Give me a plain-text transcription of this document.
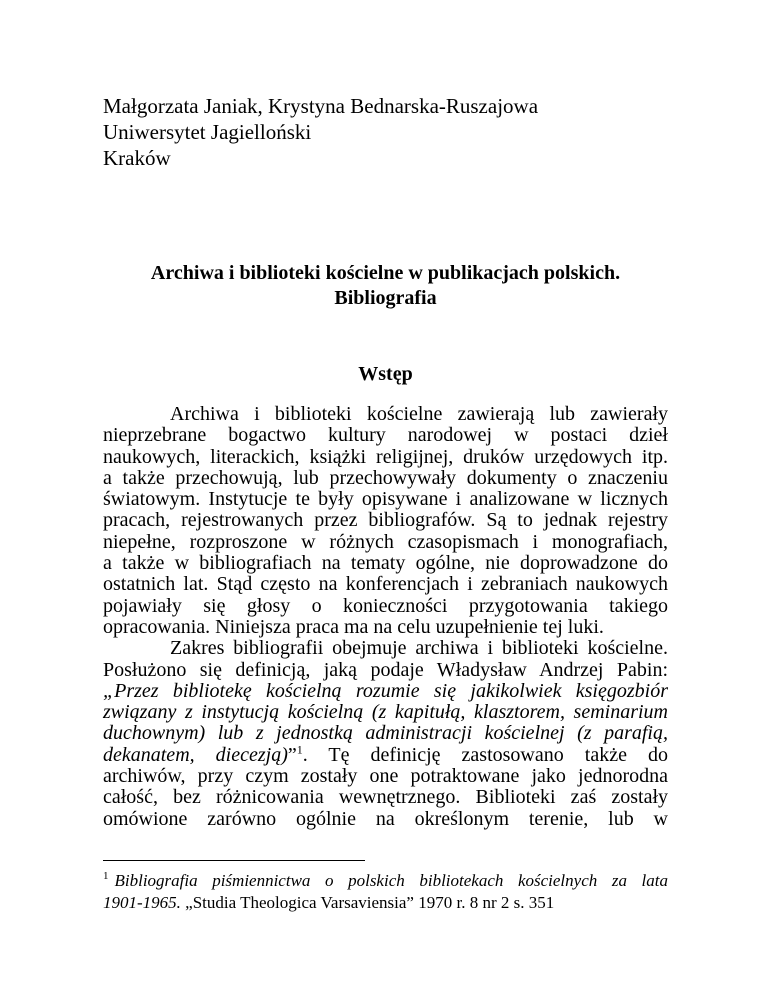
Małgorzata Janiak, Krystyna Bednarska-Ruszajowa
Uniwersytet Jagielloński
Kraków
Archiwa i biblioteki kościelne w publikacjach polskich.
Bibliografia
Wstęp
Archiwa i biblioteki kościelne zawierają lub zawierały
nieprzebrane bogactwo kultury narodowej w postaci dzieł
naukowych, literackich, książki religijnej, druków urzędowych itp.
a także przechowują, lub przechowywały dokumenty o znaczeniu
światowym. Instytucje te były opisywane i analizowane w licznych
pracach, rejestrowanych przez bibliografów. Są to jednak rejestry
niepełne, rozproszone w różnych czasopismach i monografiach,
a także w bibliografiach na tematy ogólne, nie doprowadzone do
ostatnich lat. Stąd często na konferencjach i zebraniach naukowych
pojawiały się głosy o konieczności przygotowania takiego
opracowania. Niniejsza praca ma na celu uzupełnienie tej luki.
Zakres bibliografii obejmuje archiwa i biblioteki kościelne.
Posłużono się definicją, jaką podaje Władysław Andrzej Pabin:
„Przez bibliotekę kościelną rozumie się jakikolwiek księgozbiór
związany z instytucją kościelną (z kapitułą, klasztorem, seminarium
duchownym) lub z jednostką administracji kościelnej (z parafią,
dekanatem, diecezją)”$^1$. Tę definicję zastosowano także do
archiwów, przy czym zostały one potraktowane jako jednorodna
całość, bez różnicowania wewnętrznego. Biblioteki zaś zostały
omówione zarówno ogólnie na określonym terenie, lub w
$^1$ Bibliografia piśmiennictwa o polskich bibliotekach kościelnych za lata
1901-1965. „Studia Theologica Varsaviensia” 1970 r. 8 nr 2 s. 351
